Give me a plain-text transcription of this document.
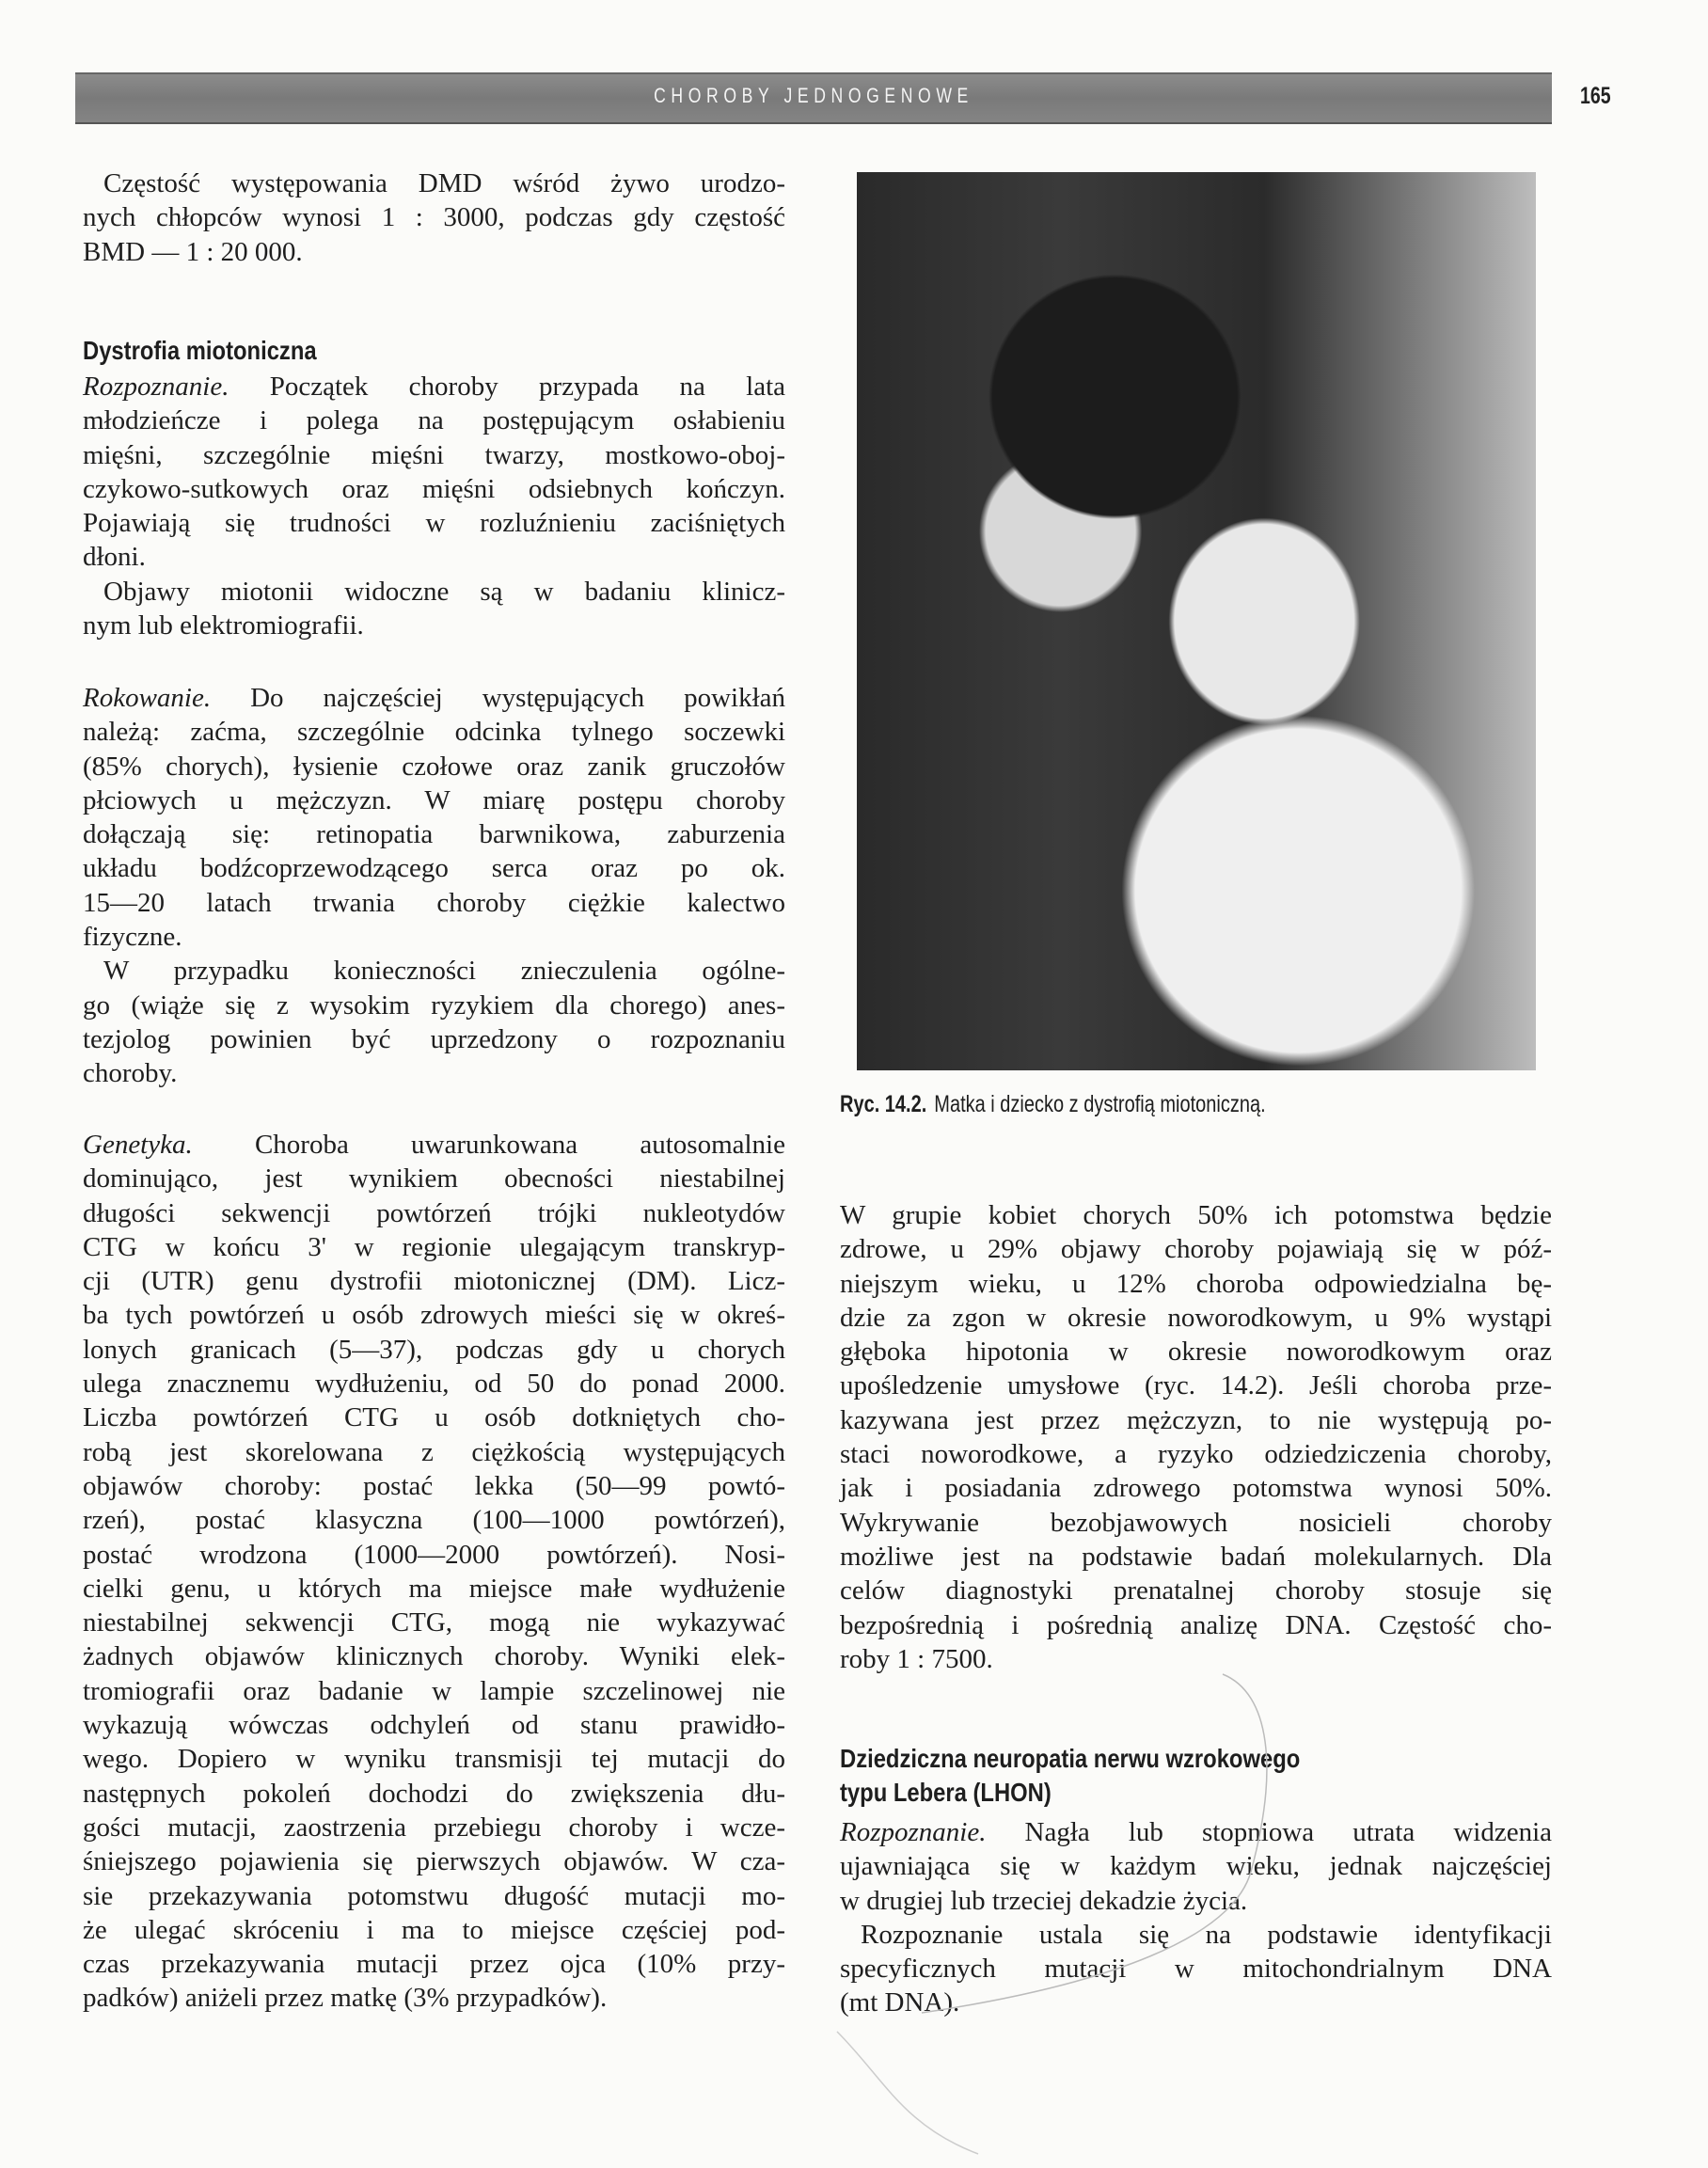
CHOROBY JEDNOGENOWE	165
Częstość występowania DMD wśród żywo urodzo-
nych chłopców wynosi 1 : 3000, podczas gdy częstość
BMD — 1 : 20 000.
Dystrofia miotoniczna
Rozpoznanie. Początek choroby przypada na lata
młodzieńcze i polega na postępującym osłabieniu
mięśni, szczególnie mięśni twarzy, mostkowo-oboj-
czykowo-sutkowych oraz mięśni odsiebnych kończyn.
Pojawiają się trudności w rozluźnieniu zaciśniętych
dłoni.
Objawy miotonii widoczne są w badaniu klinicz-
nym lub elektromiografii.
Rokowanie. Do najczęściej występujących powikłań
należą: zaćma, szczególnie odcinka tylnego soczewki
(85% chorych), łysienie czołowe oraz zanik gruczołów
płciowych u mężczyzn. W miarę postępu choroby
dołączają się: retinopatia barwnikowa, zaburzenia
układu bodźcoprzewodzącego serca oraz po ok.
15—20 latach trwania choroby ciężkie kalectwo
fizyczne.
W przypadku konieczności znieczulenia ogólne-
go (wiąże się z wysokim ryzykiem dla chorego) anes-
tezjolog powinien być uprzedzony o rozpoznaniu
choroby.
Genetyka. Choroba uwarunkowana autosomalnie
dominująco, jest wynikiem obecności niestabilnej
długości sekwencji powtórzeń trójki nukleotydów
CTG w końcu 3' w regionie ulegającym transkryp-
cji (UTR) genu dystrofii miotonicznej (DM). Licz-
ba tych powtórzeń u osób zdrowych mieści się w okreś-
lonych granicach (5—37), podczas gdy u chorych
ulega znacznemu wydłużeniu, od 50 do ponad 2000.
Liczba powtórzeń CTG u osób dotkniętych cho-
robą jest skorelowana z ciężkością występujących
objawów choroby: postać lekka (50—99 powtó-
rzeń), postać klasyczna (100—1000 powtórzeń),
postać wrodzona (1000—2000 powtórzeń). Nosi-
cielki genu, u których ma miejsce małe wydłużenie
niestabilnej sekwencji CTG, mogą nie wykazywać
żadnych objawów klinicznych choroby. Wyniki elek-
tromiografii oraz badanie w lampie szczelinowej nie
wykazują wówczas odchyleń od stanu prawidło-
wego. Dopiero w wyniku transmisji tej mutacji do
następnych pokoleń dochodzi do zwiększenia dłu-
gości mutacji, zaostrzenia przebiegu choroby i wcze-
śniejszego pojawienia się pierwszych objawów. W cza-
sie przekazywania potomstwu długość mutacji mo-
że ulegać skróceniu i ma to miejsce częściej pod-
czas przekazywania mutacji przez ojca (10% przy-
padków) aniżeli przez matkę (3% przypadków).
W grupie kobiet chorych 50% ich potomstwa będzie
zdrowe, u 29% objawy choroby pojawiają się w póź-
niejszym wieku, u 12% choroba odpowiedzialna bę-
dzie za zgon w okresie noworodkowym, u 9% wystąpi
głęboka hipotonia w okresie noworodkowym oraz
upośledzenie umysłowe (ryc. 14.2). Jeśli choroba prze-
kazywana jest przez mężczyzn, to nie występują po-
staci noworodkowe, a ryzyko odziedziczenia choroby,
jak i posiadania zdrowego potomstwa wynosi 50%.
Wykrywanie bezobjawowych nosicieli choroby
możliwe jest na podstawie badań molekularnych. Dla
celów diagnostyki prenatalnej choroby stosuje się
bezpośrednią i pośrednią analizę DNA. Częstość cho-
roby 1 : 7500.
Dziedziczna neuropatia nerwu wzrokowego
typu Lebera (LHON)
Rozpoznanie. Nagła lub stopniowa utrata widzenia
ujawniająca się w każdym wieku, jednak najczęściej
w drugiej lub trzeciej dekadzie życia.
Rozpoznanie ustala się na podstawie identyfikacji
specyficznych mutacji w mitochondrialnym DNA
(mt DNA).
Ryc. 14.2. Matka i dziecko z dystrofią miotoniczną.
